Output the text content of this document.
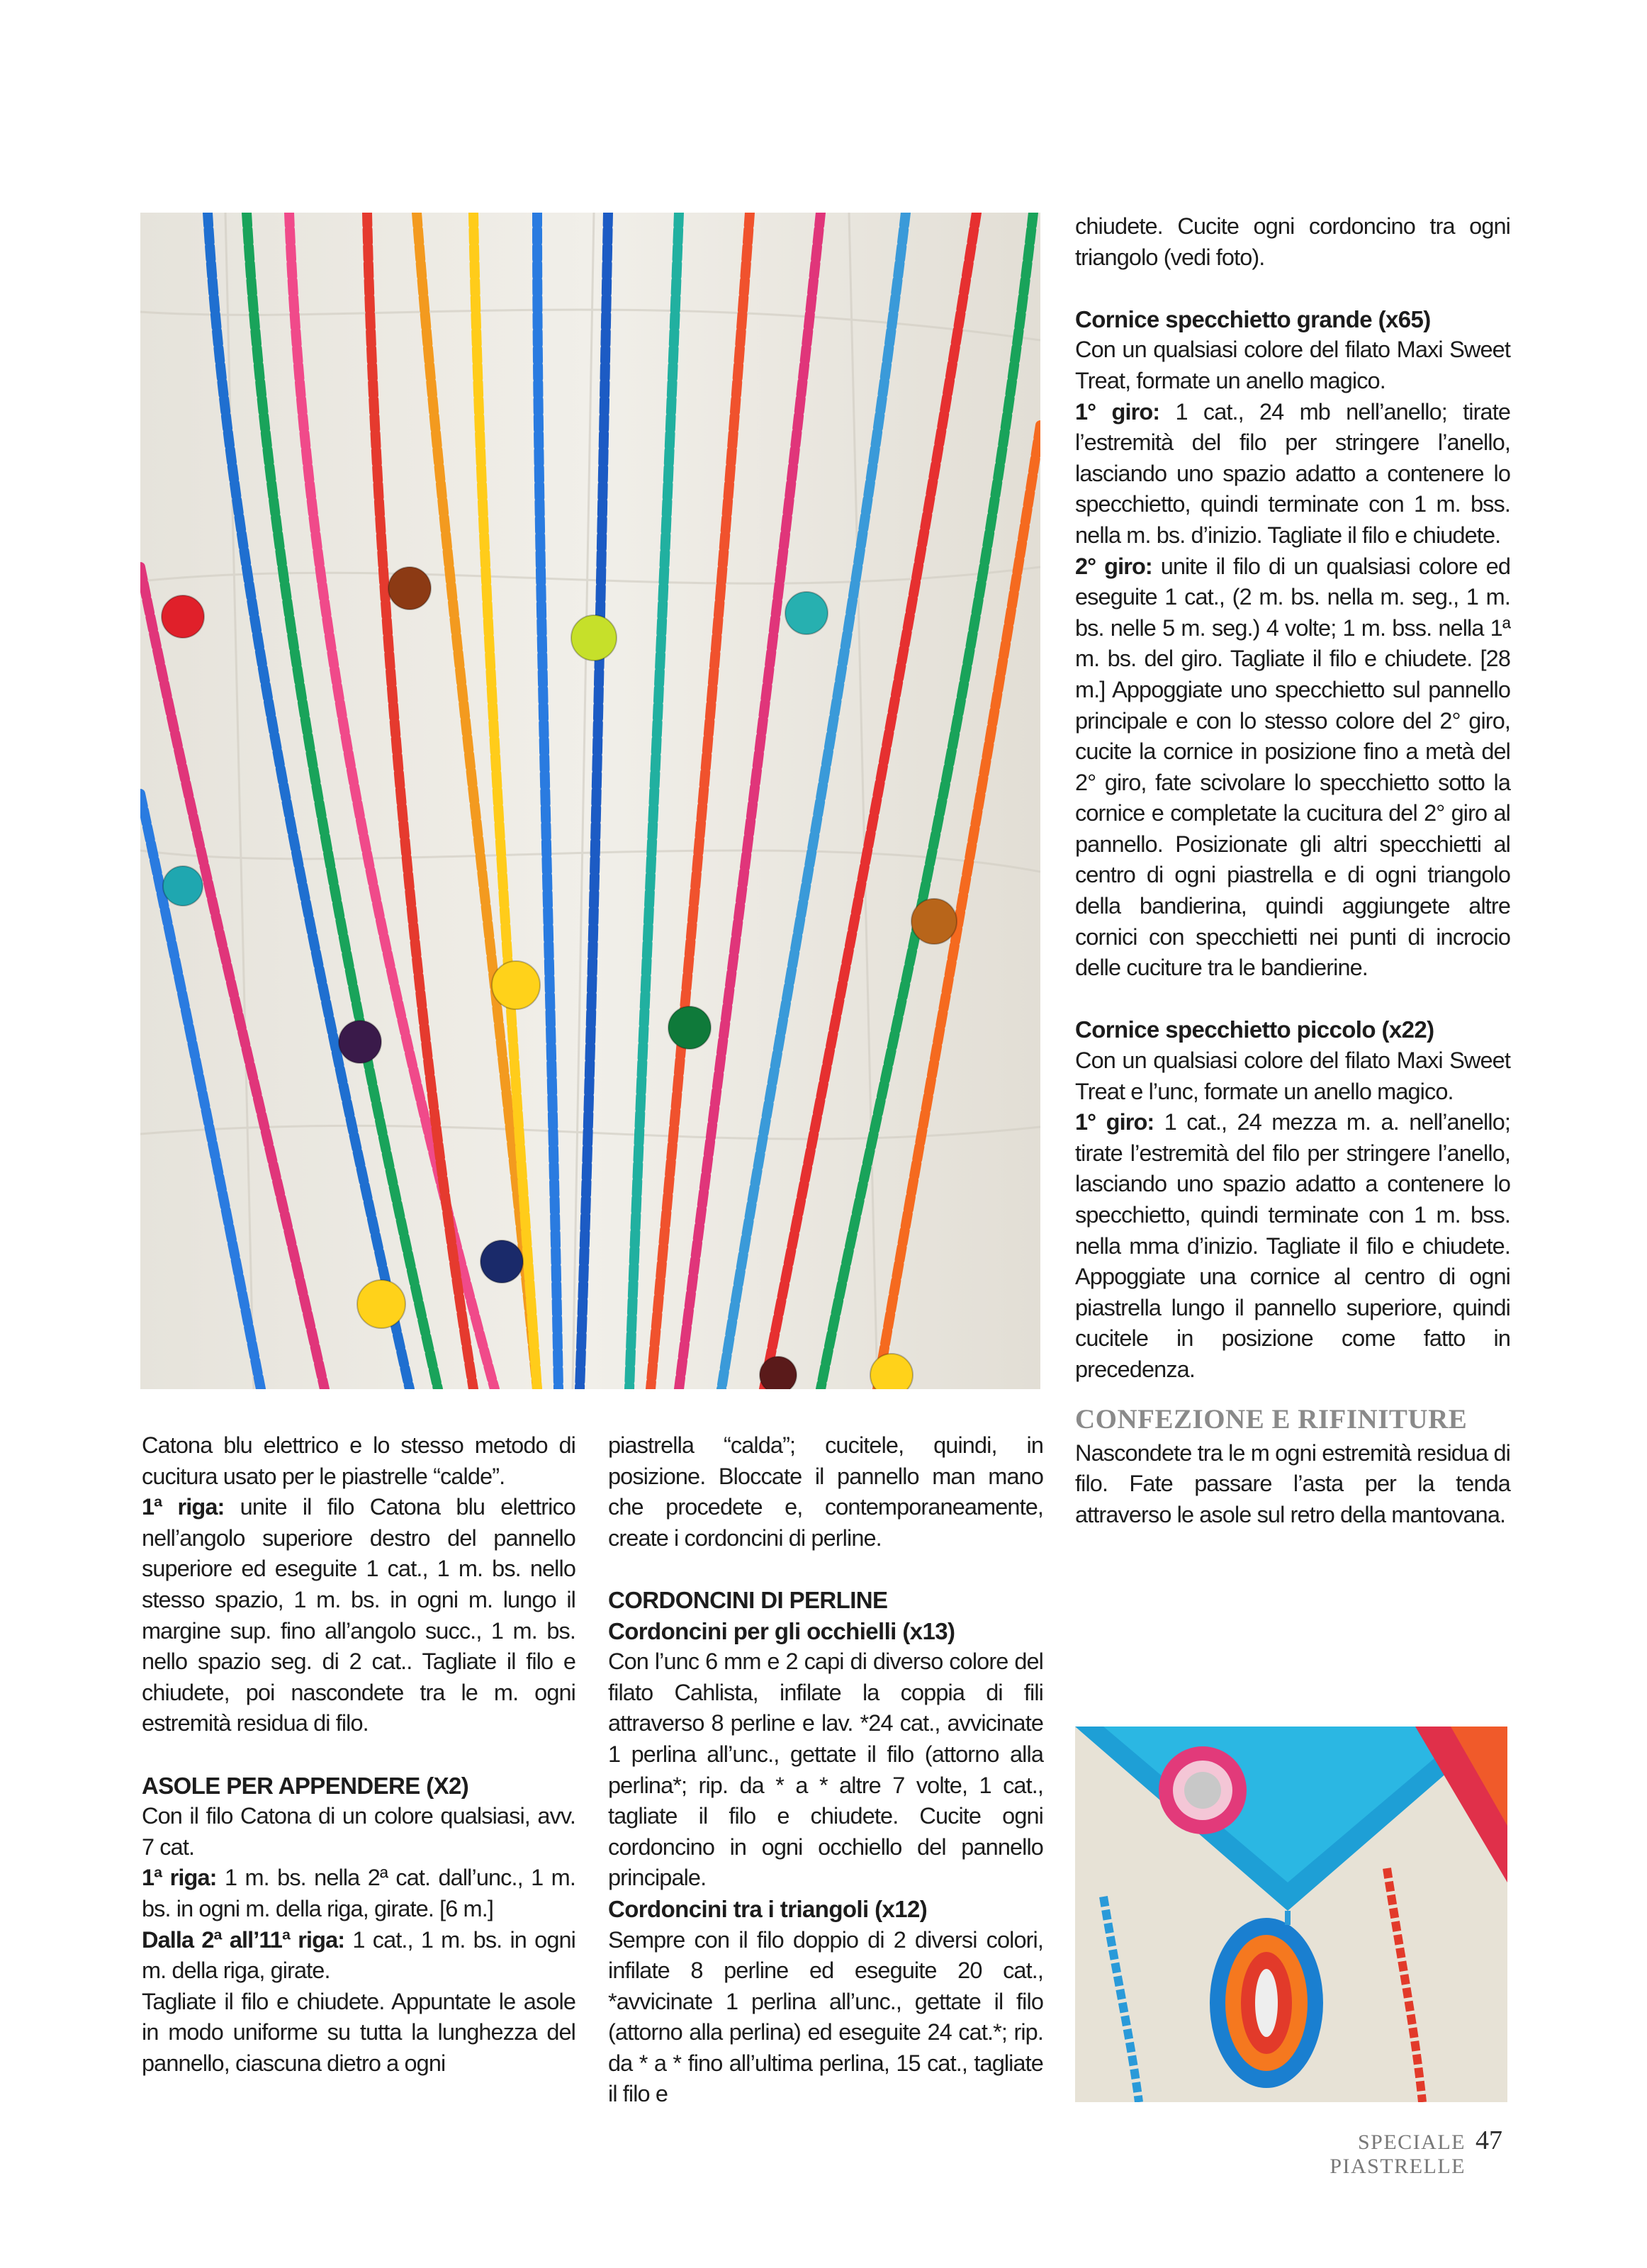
Catona blu elettrico e lo stesso metodo di cucitura usato per le piastrelle “calde”.

1ª riga: unite il filo Catona blu elettrico nell’angolo superiore destro del pannello superiore ed eseguite 1 cat., 1 m. bs. nello stesso spazio, 1 m. bs. in ogni m. lungo il margine sup. fino all’angolo succ., 1 m. bs. nello spazio seg. di 2 cat.. Tagliate il filo e chiudete, poi nascondete tra le m. ogni estremità residua di filo.

ASOLE PER APPENDERE (X2)

Con il filo Catona di un colore qualsiasi, avv. 7 cat.

1ª riga: 1 m. bs. nella 2ª cat. dall’unc., 1 m. bs. in ogni m. della riga, girate. [6 m.]

Dalla 2ª all’11ª riga: 1 cat., 1 m. bs. in ogni m. della riga, girate.

Tagliate il filo e chiudete. Appuntate le asole in modo uniforme su tutta la lunghezza del pannello, ciascuna dietro a ogni

piastrella “calda”; cucitele, quindi, in posizione. Bloccate il pannello man mano che procedete e, contemporaneamente, create i cordoncini di perline.

CORDONCINI DI PERLINE
Cordoncini per gli occhielli (x13)

Con l’unc 6 mm e 2 capi di diverso colore del filato Cahlista, infilate la coppia di fili attraverso 8 perline e lav. *24 cat., avvicinate 1 perlina all’unc., gettate il filo (attorno alla perlina*; rip. da * a * altre 7 volte, 1 cat., tagliate il filo e chiudete. Cucite ogni cordoncino in ogni occhiello del pannello principale.

Cordoncini tra i triangoli (x12)

Sempre con il filo doppio di 2 diversi colori, infilate 8 perline ed eseguite 20 cat., *avvicinate 1 perlina all’unc., gettate il filo (attorno alla perlina) ed eseguite 24 cat.*; rip. da * a * fino all’ultima perlina, 15 cat., tagliate il filo e

chiudete. Cucite ogni cordoncino tra ogni triangolo (vedi foto).

Cornice specchietto grande (x65)

Con un qualsiasi colore del filato Maxi Sweet Treat, formate un anello magico.

1° giro: 1 cat., 24 mb nell’anello; tirate l’estremità del filo per stringere l’anello, lasciando uno spazio adatto a contenere lo specchietto, quindi terminate con 1 m. bss. nella m. bs. d’inizio. Tagliate il filo e chiudete.

2° giro: unite il filo di un qualsiasi colore ed eseguite 1 cat., (2 m. bs. nella m. seg., 1 m. bs. nelle 5 m. seg.) 4 volte; 1 m. bss. nella 1ª m. bs. del giro. Tagliate il filo e chiudete. [28 m.] Appoggiate uno specchietto sul pannello principale e con lo stesso colore del 2° giro, cucite la cornice in posizione fino a metà del 2° giro, fate scivolare lo specchietto sotto la cornice e completate la cucitura del 2° giro al pannello. Posizionate gli altri specchietti al centro di ogni piastrella e di ogni triangolo della bandierina, quindi aggiungete altre cornici con specchietti nei punti di incrocio delle cuciture tra le bandierine.

Cornice specchietto piccolo (x22)

Con un qualsiasi colore del filato Maxi Sweet Treat e l’unc, formate un anello magico.

1° giro: 1 cat., 24 mezza m. a. nell’anello; tirate l’estremità del filo per stringere l’anello, lasciando uno spazio adatto a contenere lo specchietto, quindi terminate con 1 m. bss. nella mma d’inizio. Tagliate il filo e chiudete. Appoggiate una cornice al centro di ogni piastrella lungo il pannello superiore, quindi cucitele in posizione come fatto in precedenza.

CONFEZIONE E RIFINITURE

Nascondete tra le m ogni estremità residua di filo. Fate passare l’asta per la tenda attraverso le asole sul retro della mantovana.

SPECIALE PIASTRELLE
47
